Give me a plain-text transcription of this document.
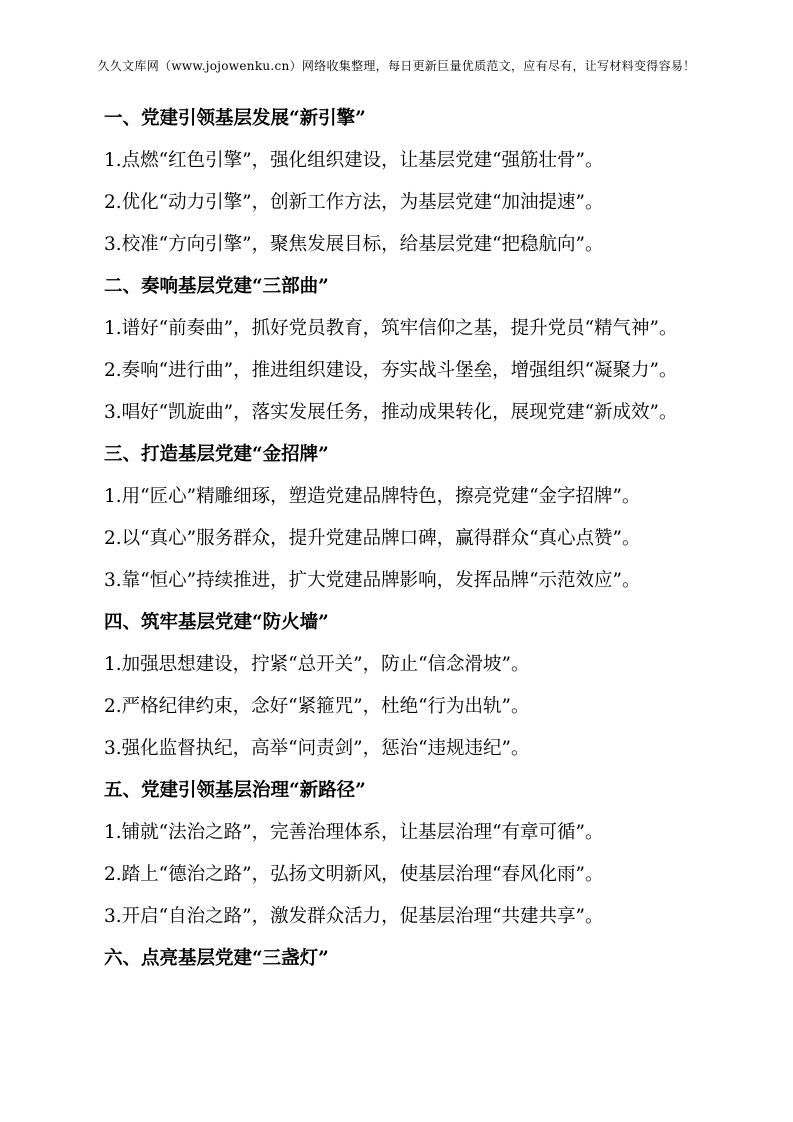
久久文库网（www.jojowenku.cn）网络收集整理，每日更新巨量优质范文，应有尽有，让写材料变得容易！
一、党建引领基层发展“新引擎”
1.点燃“红色引擎”，强化组织建设，让基层党建“强筋壮骨”。
2.优化“动力引擎”，创新工作方法，为基层党建“加油提速”。
3.校准“方向引擎”，聚焦发展目标，给基层党建“把稳航向”。
二、奏响基层党建“三部曲”
1.谱好“前奏曲”，抓好党员教育，筑牢信仰之基，提升党员“精气神”。
2.奏响“进行曲”，推进组织建设，夯实战斗堡垒，增强组织“凝聚力”。
3.唱好“凯旋曲”，落实发展任务，推动成果转化，展现党建“新成效”。
三、打造基层党建“金招牌”
1.用“匠心”精雕细琢，塑造党建品牌特色，擦亮党建“金字招牌”。
2.以“真心”服务群众，提升党建品牌口碑，赢得群众“真心点赞”。
3.靠“恒心”持续推进，扩大党建品牌影响，发挥品牌“示范效应”。
四、筑牢基层党建“防火墙”
1.加强思想建设，拧紧“总开关”，防止“信念滑坡”。
2.严格纪律约束，念好“紧箍咒”，杜绝“行为出轨”。
3.强化监督执纪，高举“问责剑”，惩治“违规违纪”。
五、党建引领基层治理“新路径”
1.铺就“法治之路”，完善治理体系，让基层治理“有章可循”。
2.踏上“德治之路”，弘扬文明新风，使基层治理“春风化雨”。
3.开启“自治之路”，激发群众活力，促基层治理“共建共享”。
六、点亮基层党建“三盏灯”
